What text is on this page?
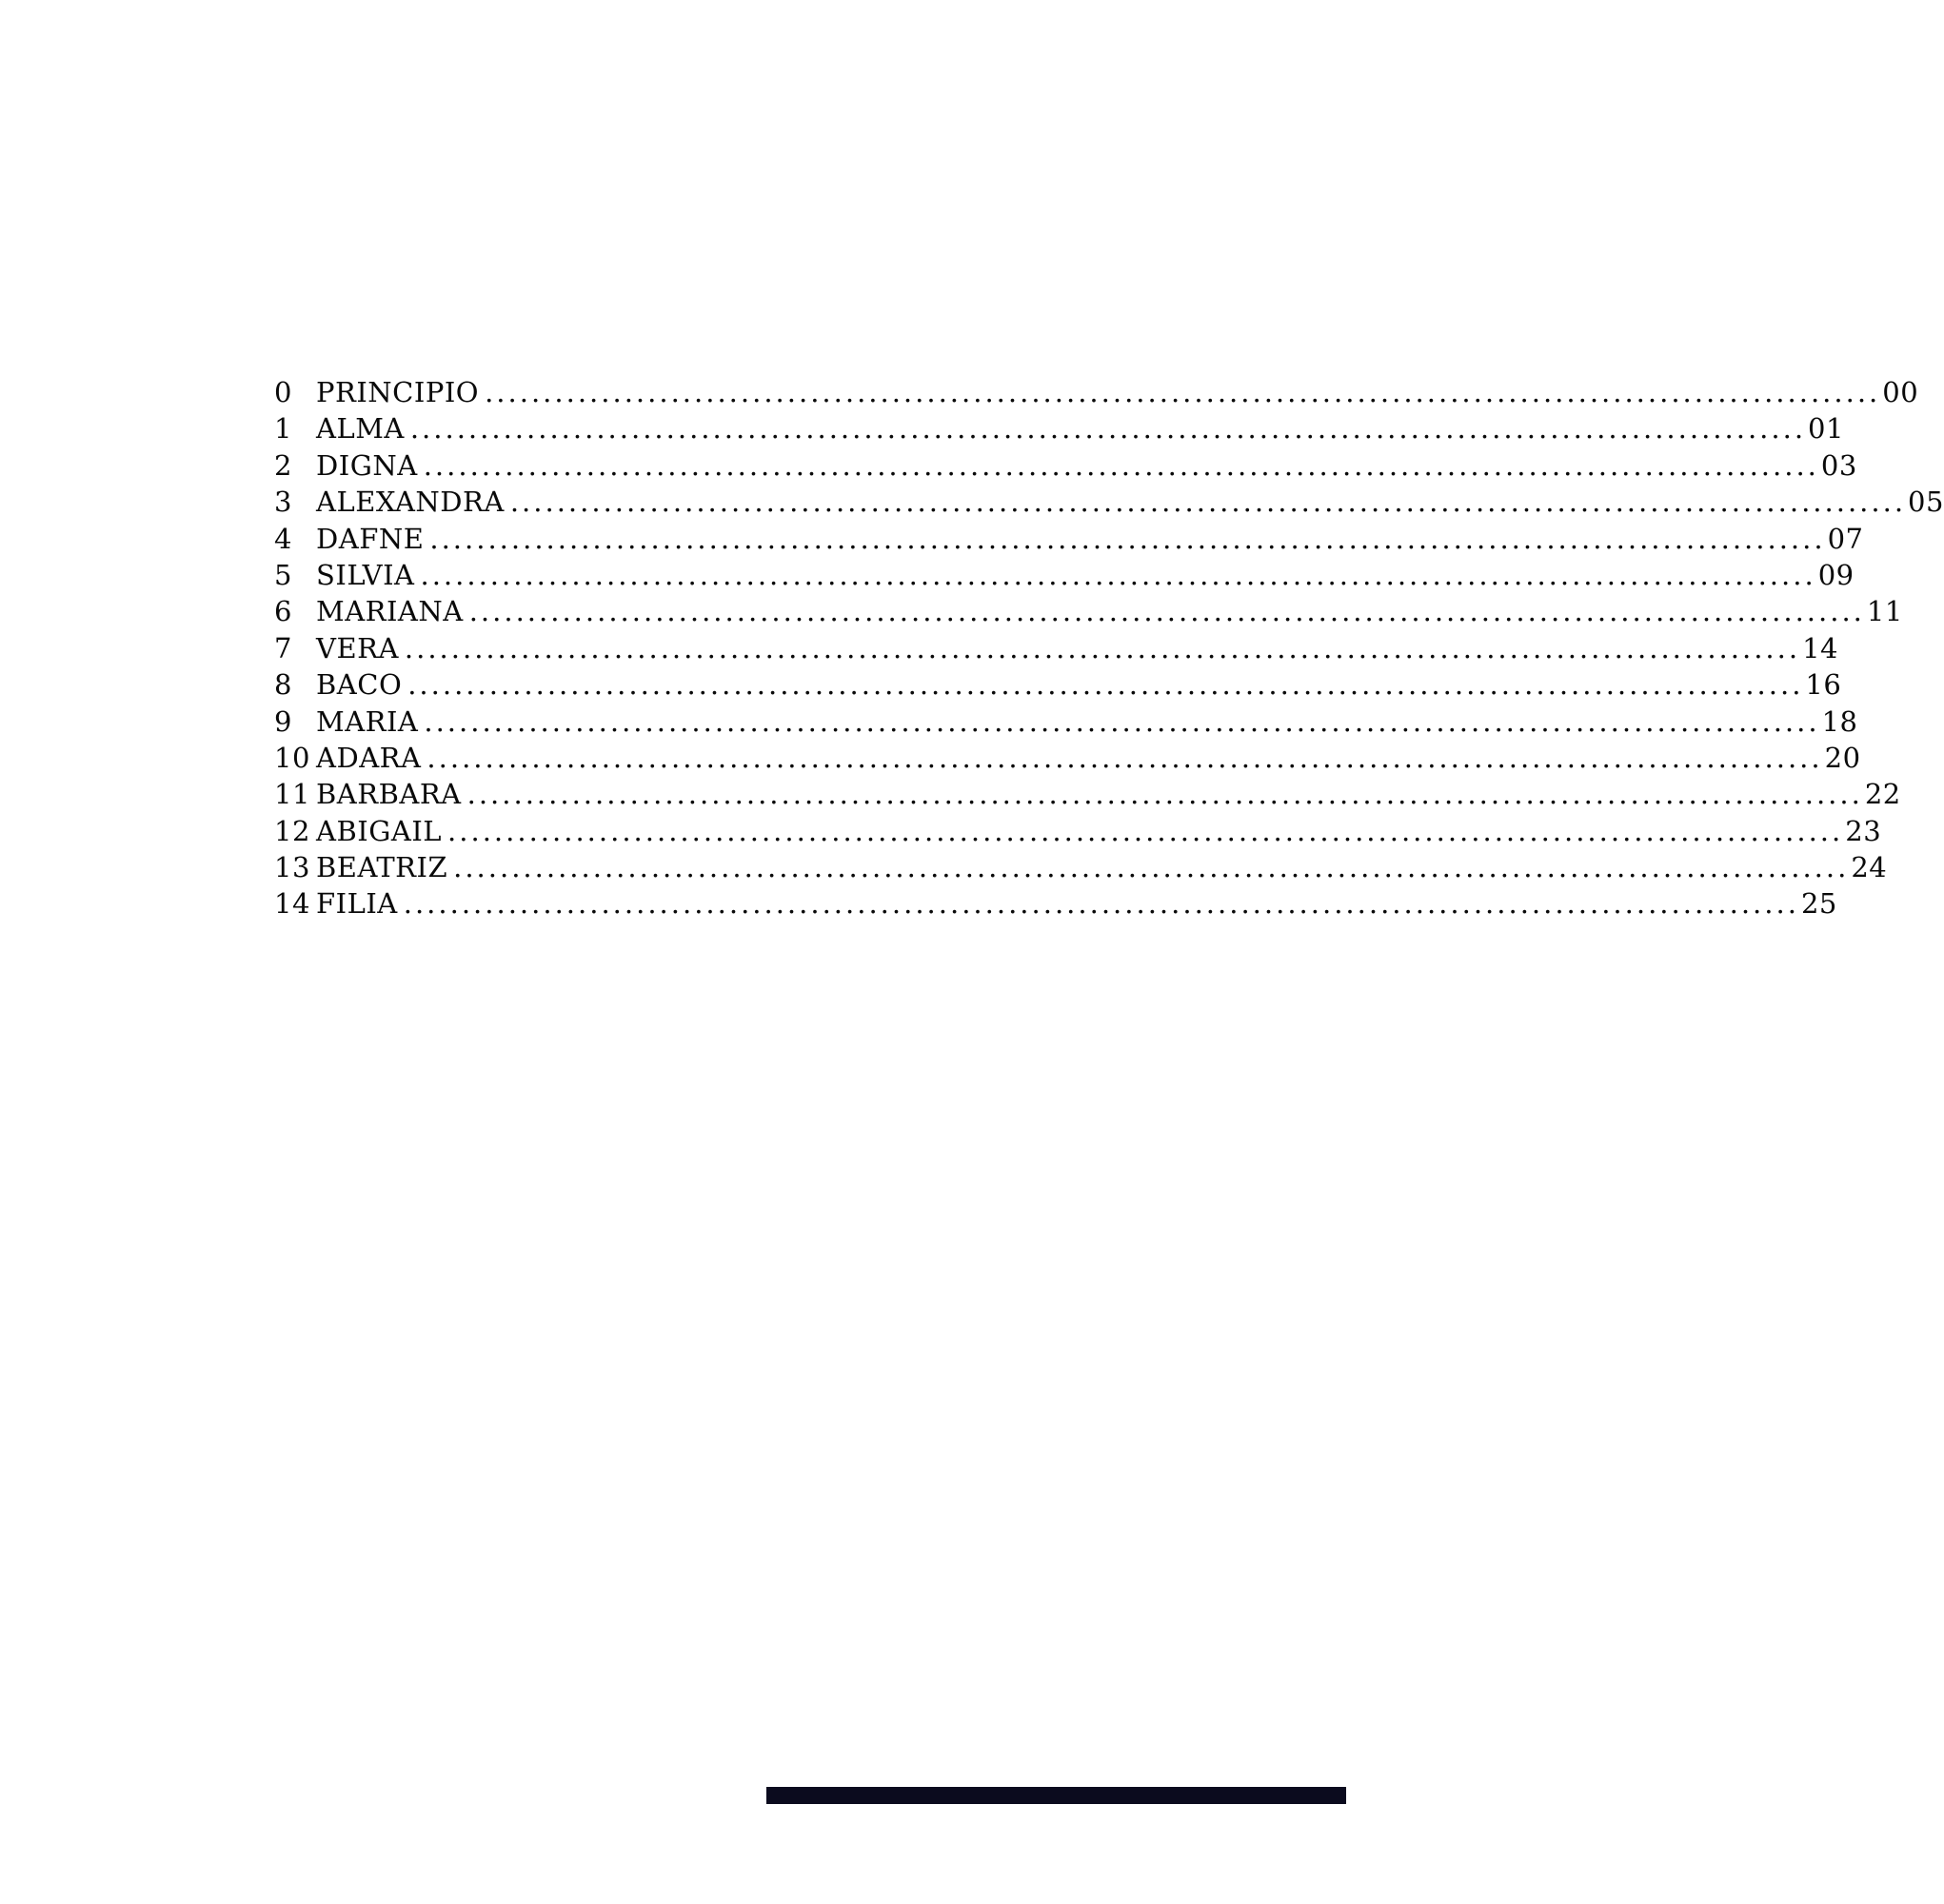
0 PRINCIPIO ........................................................................................................................ 00
1 ALMA ........................................................................................................................ 01
2 DIGNA ........................................................................................................................ 03
3 ALEXANDRA ........................................................................................................................ 05
4 DAFNE ........................................................................................................................ 07
5 SILVIA ........................................................................................................................ 09
6 MARIANA ........................................................................................................................ 11
7 VERA ........................................................................................................................ 14
8 BACO ........................................................................................................................ 16
9 MARIA ........................................................................................................................ 18
10 ADARA ........................................................................................................................ 20
11 BARBARA ........................................................................................................................ 22
12 ABIGAIL ........................................................................................................................ 23
13 BEATRIZ ........................................................................................................................ 24
14 FILIA ........................................................................................................................ 25
